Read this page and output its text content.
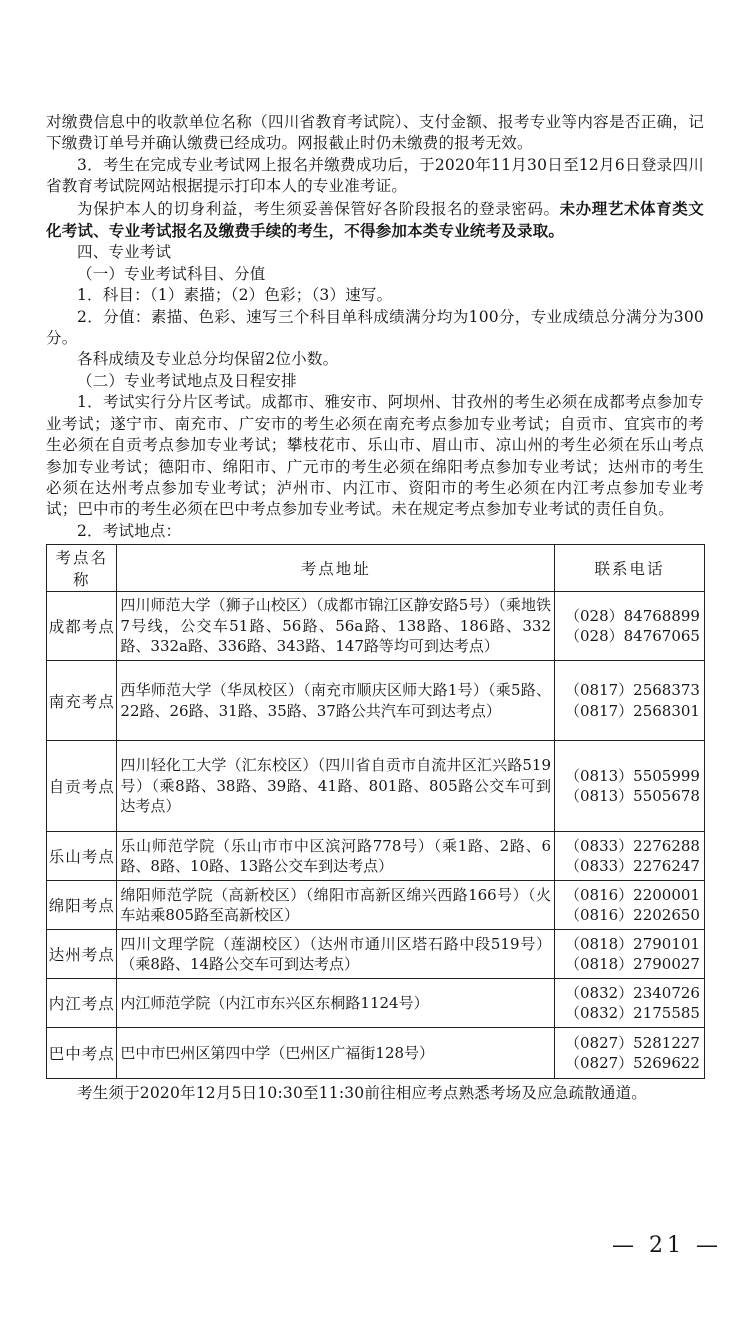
对缴费信息中的收款单位名称（四川省教育考试院）、支付金额、报考专业等内容是否正确，记下缴费订单号并确认缴费已经成功。网报截止时仍未缴费的报考无效。

3．考生在完成专业考试网上报名并缴费成功后，于2020年11月30日至12月6日登录四川省教育考试院网站根据提示打印本人的专业准考证。

为保护本人的切身利益，考生须妥善保管好各阶段报名的登录密码。未办理艺术体育类文化考试、专业考试报名及缴费手续的考生，不得参加本类专业统考及录取。

四、专业考试

（一）专业考试科目、分值

1．科目：（1）素描；（2）色彩；（3）速写。

2．分值：素描、色彩、速写三个科目单科成绩满分均为100分，专业成绩总分满分为300分。

各科成绩及专业总分均保留2位小数。

（二）专业考试地点及日程安排

1．考试实行分片区考试。成都市、雅安市、阿坝州、甘孜州的考生必须在成都考点参加专业考试；遂宁市、南充市、广安市的考生必须在南充考点参加专业考试；自贡市、宜宾市的考生必须在自贡考点参加专业考试；攀枝花市、乐山市、眉山市、凉山州的考生必须在乐山考点参加专业考试；德阳市、绵阳市、广元市的考生必须在绵阳考点参加专业考试；达州市的考生必须在达州考点参加专业考试；泸州市、内江市、资阳市的考生必须在内江考点参加专业考试；巴中市的考生必须在巴中考点参加专业考试。未在规定考点参加专业考试的责任自负。

2．考试地点：

考点名称	考点地址	联系电话
成都考点	四川师范大学（狮子山校区）（成都市锦江区静安路5号）（乘地铁7号线，公交车51路、56路、56a路、138路、186路、332路、332a路、336路、343路、147路等均可到达考点）	（028）84768899
（028）84767065

南充考点	西华师范大学（华凤校区）（南充市顺庆区师大路1号）（乘5路、22路、26路、31路、35路、37路公共汽车可到达考点）	（0817）2568373
（0817）2568301

自贡考点	四川轻化工大学（汇东校区）（四川省自贡市自流井区汇兴路519号）（乘8路、38路、39路、41路、801路、805路公交车可到达考点）	（0813）5505999
（0813）5505678

乐山考点	乐山师范学院（乐山市市中区滨河路778号）（乘1路、2路、6路、8路、10路、13路公交车到达考点）	（0833）2276288
（0833）2276247

绵阳考点	绵阳师范学院（高新校区）（绵阳市高新区绵兴西路166号）（火车站乘805路至高新校区）	（0816）2200001
（0816）2202650

达州考点	四川文理学院（莲湖校区）（达州市通川区塔石路中段519号）（乘8路、14路公交车可到达考点）	（0818）2790101
（0818）2790027

内江考点	内江师范学院（内江市东兴区东桐路1124号）	（0832）2340726
（0832）2175585

巴中考点	巴中市巴州区第四中学（巴州区广福街128号）	（0827）5281227
（0827）5269622

考生须于2020年12月5日10:30至11:30前往相应考点熟悉考场及应急疏散通道。

— 21 —
